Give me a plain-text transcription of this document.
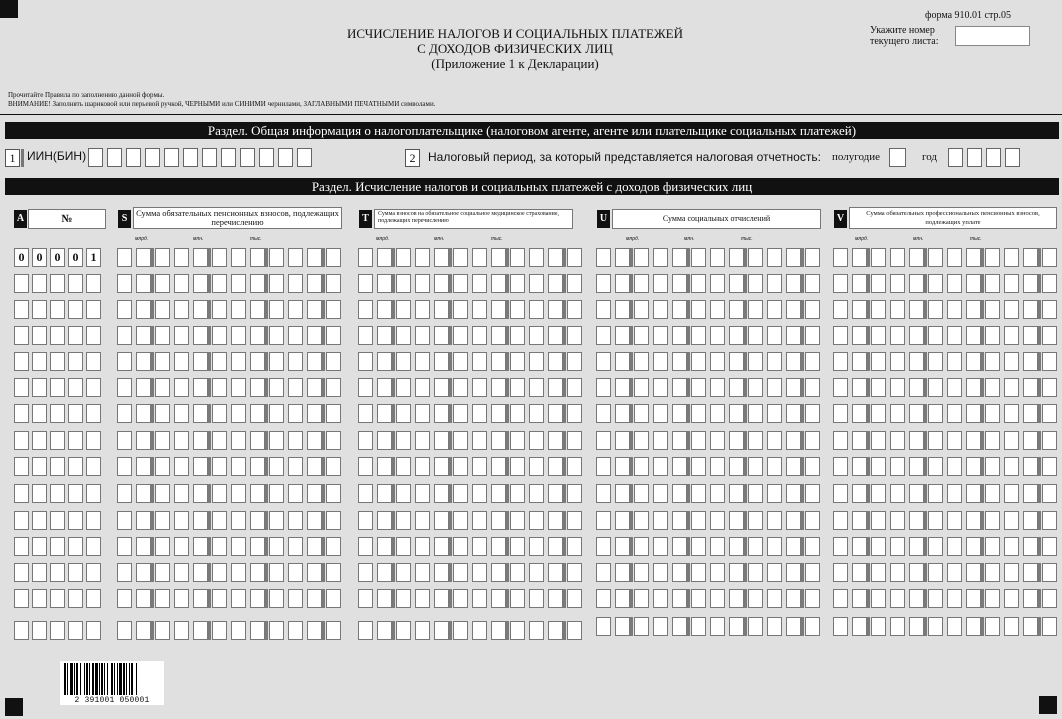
форма 910.01 стр.05
ИСЧИСЛЕНИЕ НАЛОГОВ И СОЦИАЛЬНЫХ ПЛАТЕЖЕЙ
С ДОХОДОВ ФИЗИЧЕСКИХ ЛИЦ
(Приложение 1 к Декларации)
Укажите номер
текущего листа:
Прочитайте Правила по заполнению данной формы.
ВНИМАНИЕ! Заполнять шариковой или перьевой ручкой, ЧЕРНЫМИ или СИНИМИ чернилами, ЗАГЛАВНЫМИ ПЕЧАТНЫМИ символами.
Раздел. Общая информация о налогоплательщике (налоговом агенте, агенте или плательщике социальных платежей)
1 ИИН(БИН)	2	Налоговый период, за который представляется налоговая отчетность: полугодие	год
Раздел. Исчисление налогов и социальных платежей с доходов физических лиц
A	№	S	Сумма обязательных пенсионных взносов, подлежащих перечислению	T	Сумма взносов на обязательное социальное медицинское страхование, подлежащих перечислению	U	Сумма социальных отчислений	V	Сумма обязательных профессиональных пенсионных взносов, подлежащих уплате
млрд.	млн.	тыс.	млрд.	млн.	тыс.	млрд.	млн.	тыс.	млрд.	млн.	тыс.
0	0	0	0	1
2 391001 050001
